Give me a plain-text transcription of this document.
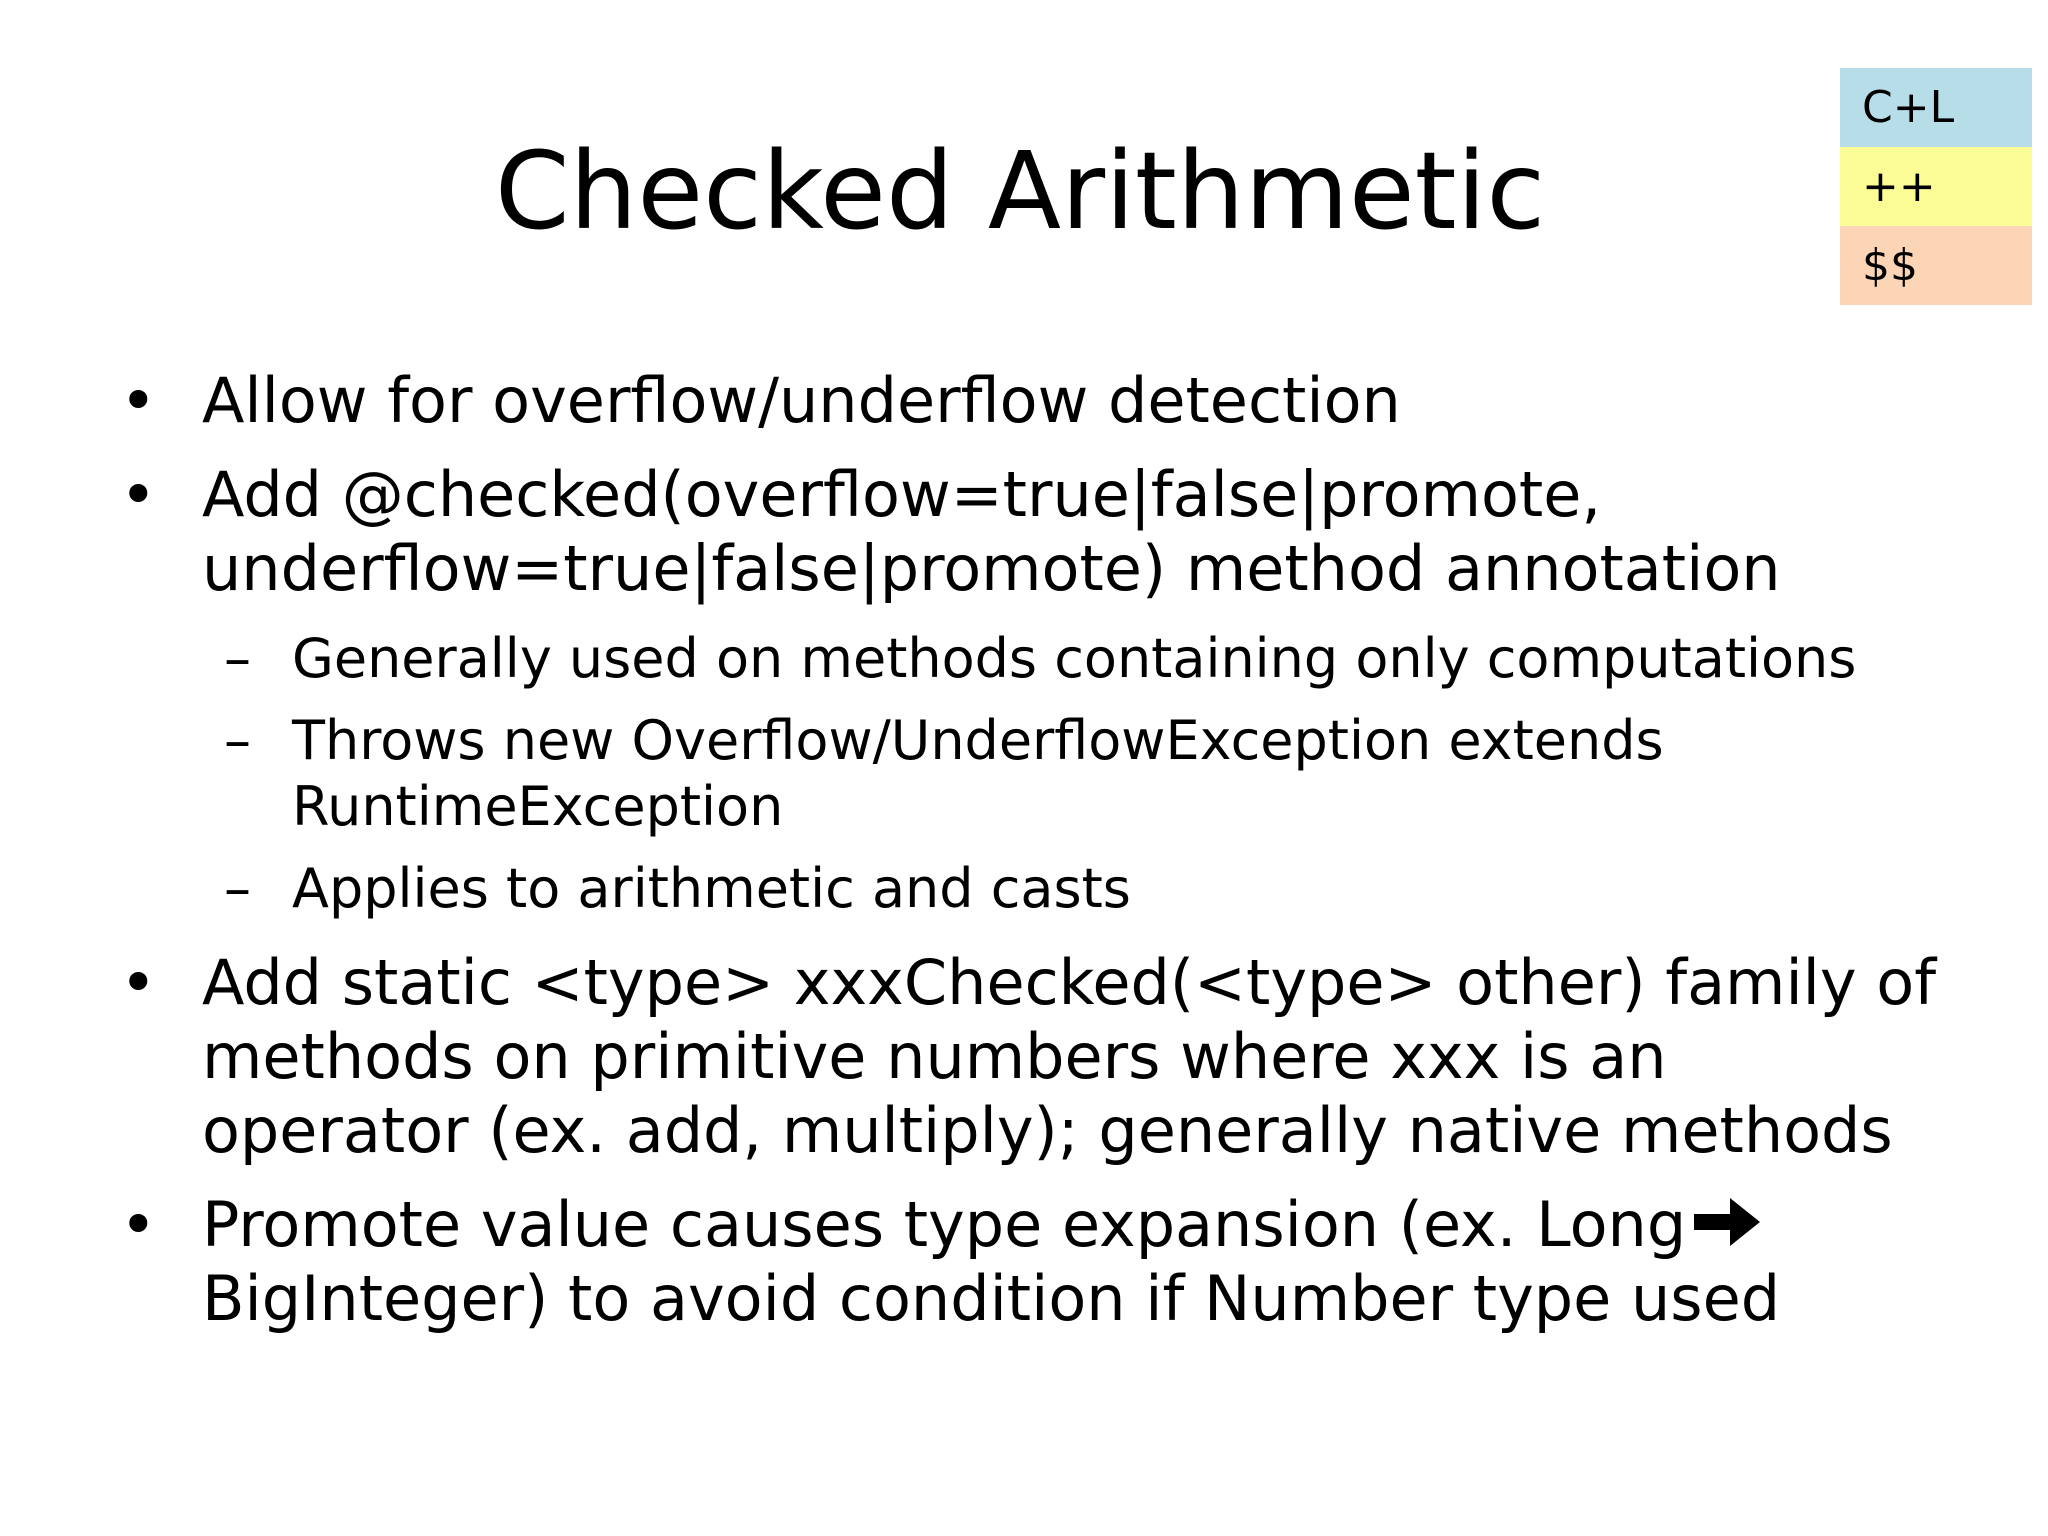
Checked Arithmetic
C+L
++
$$
• Allow for overflow/underflow detection
• Add @checked(overflow=true|false|promote,
underflow=true|false|promote) method annotation
– Generally used on methods containing only computations
– Throws new Overflow/UnderflowException extends
RuntimeException
– Applies to arithmetic and casts
• Add static <type> xxxChecked(<type> other) family of
methods on primitive numbers where xxx is an
operator (ex. add, multiply); generally native methods
• Promote value causes type expansion (ex. Long
BigInteger) to avoid condition if Number type used
